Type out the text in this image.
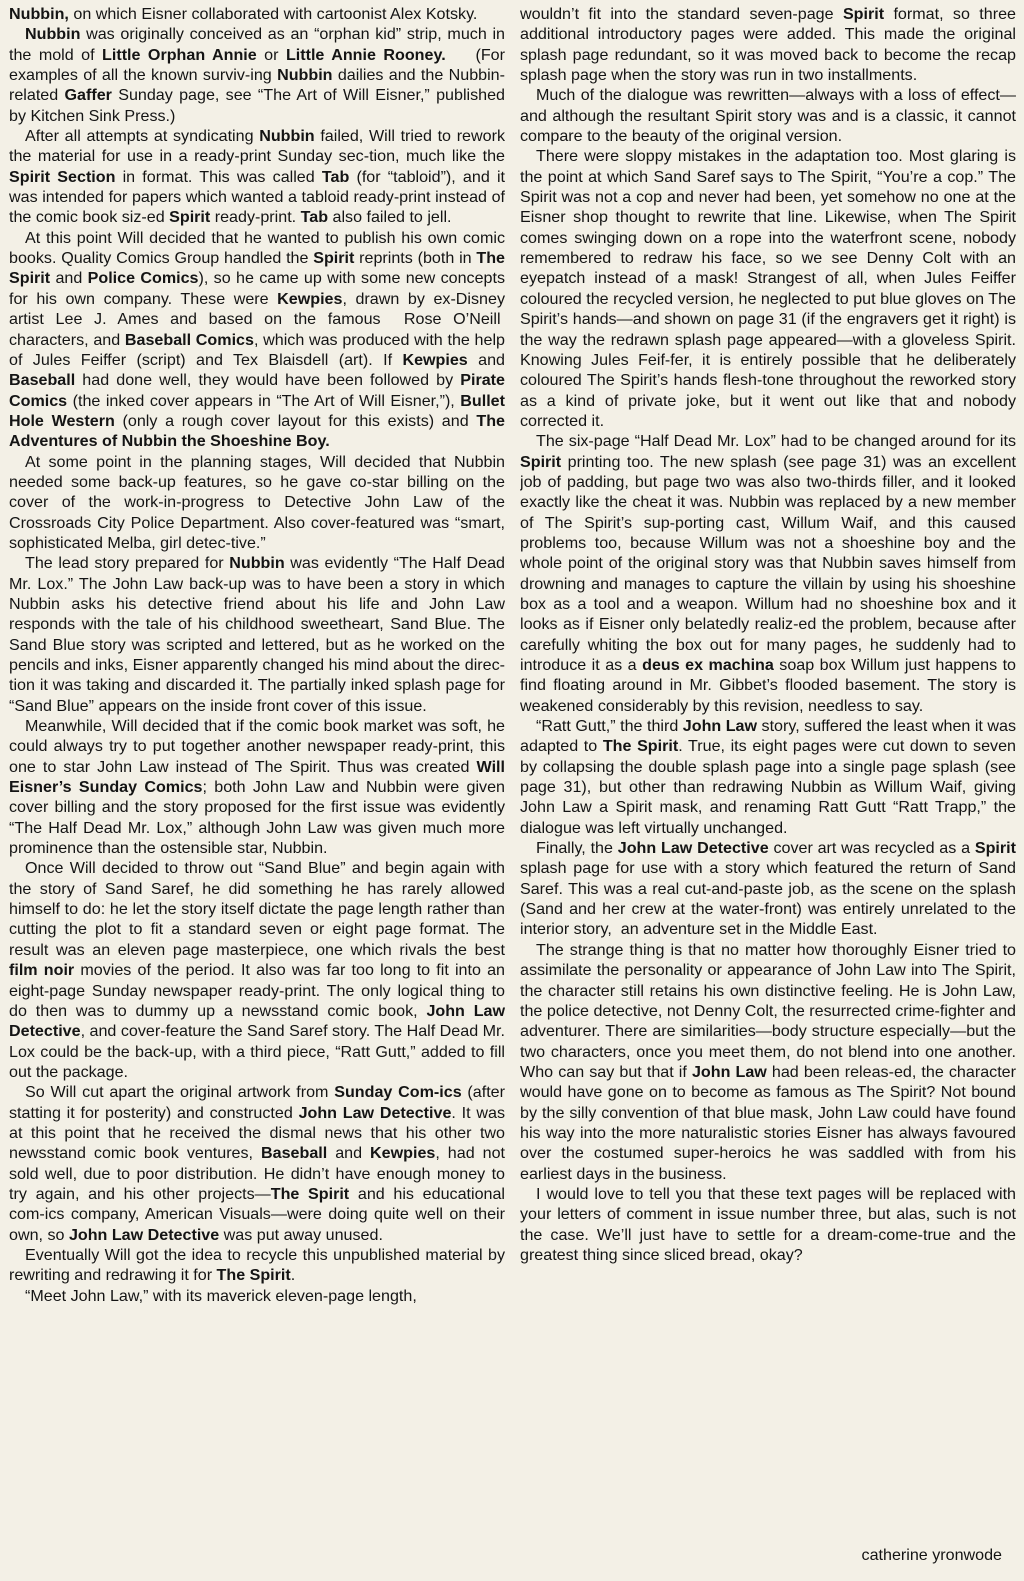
Nubbin, on which Eisner collaborated with cartoonist Alex Kotsky.

Nubbin was originally conceived as an “orphan kid” strip, much in the mold of Little Orphan Annie or Little Annie Rooney.    (For examples of all the known surviv-ing Nubbin dailies and the Nubbin-related Gaffer Sunday page, see “The Art of Will Eisner,” published by Kitchen Sink Press.)

After all attempts at syndicating Nubbin failed, Will tried to rework the material for use in a ready-print Sunday sec-tion, much like the Spirit Section in format. This was called Tab (for “tabloid”), and it was intended for papers which wanted a tabloid ready-print instead of the comic book siz-ed Spirit ready-print. Tab also failed to jell.

At this point Will decided that he wanted to publish his own comic books. Quality Comics Group handled the Spirit reprints (both in The Spirit and Police Comics), so he came up with some new concepts for his own company. These were Kewpies, drawn by ex-Disney artist Lee J. Ames and based on the famous  Rose O’Neill  characters, and Baseball Comics, which was produced with the help of Jules Feiffer (script) and Tex Blaisdell (art). If Kewpies and Baseball had done well, they would have been followed by Pirate Comics (the inked cover appears in “The Art of Will Eisner,”), Bullet Hole Western (only a rough cover layout for this exists) and The Adventures of Nubbin the Shoeshine Boy.

At some point in the planning stages, Will decided that Nubbin needed some back-up features, so he gave co-star billing on the cover of the work-in-progress to Detective John Law of the Crossroads City Police Department. Also cover-featured was “smart, sophisticated Melba, girl detec-tive.”

The lead story prepared for Nubbin was evidently “The Half Dead Mr. Lox.” The John Law back-up was to have been a story in which Nubbin asks his detective friend about his life and John Law responds with the tale of his childhood sweetheart, Sand Blue. The Sand Blue story was scripted and lettered, but as he worked on the pencils and inks, Eisner apparently changed his mind about the direc-tion it was taking and discarded it. The partially inked splash page for “Sand Blue” appears on the inside front cover of this issue.

Meanwhile, Will decided that if the comic book market was soft, he could always try to put together another newspaper ready-print, this one to star John Law instead of The Spirit. Thus was created Will Eisner’s Sunday Comics; both John Law and Nubbin were given cover billing and the story proposed for the first issue was evidently “The Half Dead Mr. Lox,” although John Law was given much more prominence than the ostensible star, Nubbin.

Once Will decided to throw out “Sand Blue” and begin again with the story of Sand Saref, he did something he has rarely allowed himself to do: he let the story itself dictate the page length rather than cutting the plot to fit a standard seven or eight page format. The result was an eleven page masterpiece, one which rivals the best film noir movies of the period. It also was far too long to fit into an eight-page Sunday newspaper ready-print. The only logical thing to do then was to dummy up a newsstand comic book, John Law Detective, and cover-feature the Sand Saref story. The Half Dead Mr. Lox could be the back-up, with a third piece, “Ratt Gutt,” added to fill out the package.

So Will cut apart the original artwork from Sunday Com-ics (after statting it for posterity) and constructed John Law Detective. It was at this point that he received the dismal news that his other two newsstand comic book ventures, Baseball and Kewpies, had not sold well, due to poor distribution. He didn’t have enough money to try again, and his other projects—The Spirit and his educational com-ics company, American Visuals—were doing quite well on their own, so John Law Detective was put away unused.

Eventually Will got the idea to recycle this unpublished material by rewriting and redrawing it for The Spirit.

“Meet John Law,” with its maverick eleven-page length,

wouldn’t fit into the standard seven-page Spirit format, so three additional introductory pages were added. This made the original splash page redundant, so it was moved back to become the recap splash page when the story was run in two installments.

Much of the dialogue was rewritten—always with a loss of effect—and although the resultant Spirit story was and is a classic, it cannot compare to the beauty of the original version.

There were sloppy mistakes in the adaptation too. Most glaring is the point at which Sand Saref says to The Spirit, “You’re a cop.” The Spirit was not a cop and never had been, yet somehow no one at the Eisner shop thought to rewrite that line. Likewise, when The Spirit comes swinging down on a rope into the waterfront scene, nobody remembered to redraw his face, so we see Denny Colt with an eyepatch instead of a mask! Strangest of all, when Jules Feiffer coloured the recycled version, he neglected to put blue gloves on The Spirit’s hands—and shown on page 31 (if the engravers get it right) is the way the redrawn splash page appeared—with a gloveless Spirit. Knowing Jules Feif-fer, it is entirely possible that he deliberately coloured The Spirit’s hands flesh-tone throughout the reworked story as a kind of private joke, but it went out like that and nobody corrected it.

The six-page “Half Dead Mr. Lox” had to be changed around for its Spirit printing too. The new splash (see page 31) was an excellent job of padding, but page two was also two-thirds filler, and it looked exactly like the cheat it was. Nubbin was replaced by a new member of The Spirit’s sup-porting cast, Willum Waif, and this caused problems too, because Willum was not a shoeshine boy and the whole point of the original story was that Nubbin saves himself from drowning and manages to capture the villain by using his shoeshine box as a tool and a weapon. Willum had no shoeshine box and it looks as if Eisner only belatedly realiz-ed the problem, because after carefully whiting the box out for many pages, he suddenly had to introduce it as a deus ex machina soap box Willum just happens to find floating around in Mr. Gibbet’s flooded basement. The story is weakened considerably by this revision, needless to say.

“Ratt Gutt,” the third John Law story, suffered the least when it was adapted to The Spirit. True, its eight pages were cut down to seven by collapsing the double splash page into a single page splash (see page 31), but other than redrawing Nubbin as Willum Waif, giving John Law a Spirit mask, and renaming Ratt Gutt “Ratt Trapp,” the dialogue was left virtually unchanged.

Finally, the John Law Detective cover art was recycled as a Spirit splash page for use with a story which featured the return of Sand Saref. This was a real cut-and-paste job, as the scene on the splash (Sand and her crew at the water-front) was entirely unrelated to the interior story,  an adventure set in the Middle East.

The strange thing is that no matter how thoroughly Eisner tried to assimilate the personality or appearance of John Law into The Spirit, the character still retains his own distinctive feeling. He is John Law, the police detective, not Denny Colt, the resurrected crime-fighter and adventurer. There are similarities—body structure especially—but the two characters, once you meet them, do not blend into one another. Who can say but that if John Law had been releas-ed, the character would have gone on to become as famous as The Spirit? Not bound by the silly convention of that blue mask, John Law could have found his way into the more naturalistic stories Eisner has always favoured over the costumed super-heroics he was saddled with from his earliest days in the business.

I would love to tell you that these text pages will be replaced with your letters of comment in issue number three, but alas, such is not the case. We’ll just have to settle for a dream-come-true and the greatest thing since sliced bread, okay?

catherine yronwode
